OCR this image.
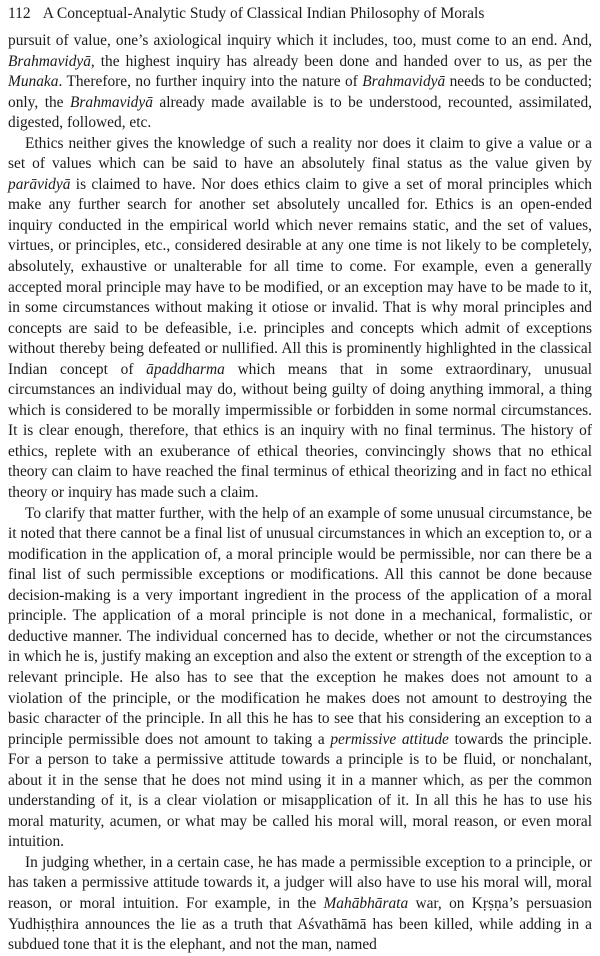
112 A Conceptual-Analytic Study of Classical Indian Philosophy of Morals

pursuit of value, one’s axiological inquiry which it includes, too, must come to an end. And, Brahmavidyā, the highest inquiry has already been done and handed over to us, as per the Munaka. Therefore, no further inquiry into the nature of Brahmavidyā needs to be conducted; only, the Brahmavidyā already made available is to be understood, recounted, assimilated, digested, followed, etc.

Ethics neither gives the knowledge of such a reality nor does it claim to give a value or a set of values which can be said to have an absolutely final status as the value given by parāvidyā is claimed to have. Nor does ethics claim to give a set of moral principles which make any further search for another set absolutely uncalled for. Ethics is an open-ended inquiry conducted in the empirical world which never remains static, and the set of values, virtues, or principles, etc., considered desirable at any one time is not likely to be completely, absolutely, exhaustive or unalterable for all time to come. For example, even a generally accepted moral principle may have to be modified, or an exception may have to be made to it, in some circumstances without making it otiose or invalid. That is why moral principles and concepts are said to be defeasible, i.e. principles and concepts which admit of exceptions without thereby being defeated or nullified. All this is prominently highlighted in the classical Indian concept of āpaddharma which means that in some extraordinary, unusual circumstances an individual may do, without being guilty of doing anything immoral, a thing which is considered to be morally impermissible or forbidden in some normal circumstances. It is clear enough, therefore, that ethics is an inquiry with no final terminus. The history of ethics, replete with an exuberance of ethical theories, convincingly shows that no ethical theory can claim to have reached the final terminus of ethical theorizing and in fact no ethical theory or inquiry has made such a claim.

To clarify that matter further, with the help of an example of some unusual circumstance, be it noted that there cannot be a final list of unusual circumstances in which an exception to, or a modification in the application of, a moral principle would be permissible, nor can there be a final list of such permissible exceptions or modifications. All this cannot be done because decision-making is a very important ingredient in the process of the application of a moral principle. The application of a moral principle is not done in a mechanical, formalistic, or deductive manner. The individual concerned has to decide, whether or not the circumstances in which he is, justify making an exception and also the extent or strength of the exception to a relevant principle. He also has to see that the exception he makes does not amount to a violation of the principle, or the modification he makes does not amount to destroying the basic character of the principle. In all this he has to see that his considering an exception to a principle permissible does not amount to taking a permissive attitude towards the principle. For a person to take a permissive attitude towards a principle is to be fluid, or nonchalant, about it in the sense that he does not mind using it in a manner which, as per the common understanding of it, is a clear violation or misapplication of it. In all this he has to use his moral maturity, acumen, or what may be called his moral will, moral reason, or even moral intuition.

In judging whether, in a certain case, he has made a permissible exception to a principle, or has taken a permissive attitude towards it, a judger will also have to use his moral will, moral reason, or moral intuition. For example, in the Mahābhārata war, on Kṛṣṇa’s persuasion Yudhiṣṭhira announces the lie as a truth that Aśvathāmā has been killed, while adding in a subdued tone that it is the elephant, and not the man, named
